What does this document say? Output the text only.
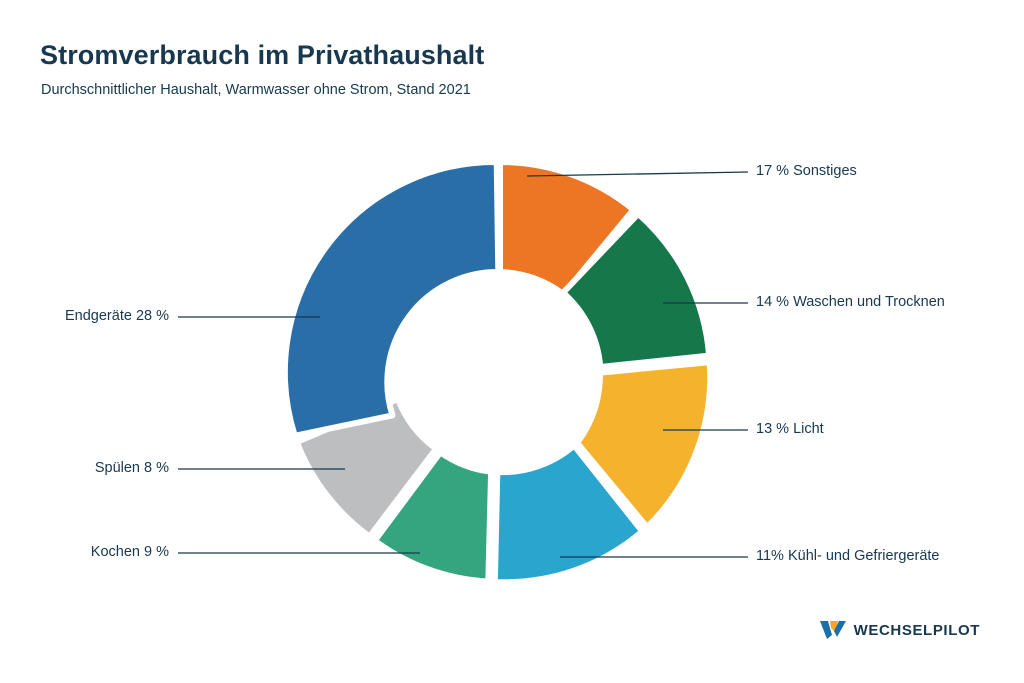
Stromverbrauch im Privathaushalt
Durchschnittlicher Haushalt, Warmwasser ohne Strom, Stand 2021
17 % Sonstiges
14 % Waschen und Trocknen
13 % Licht
11% Kühl- und Gefriergeräte
Kochen 9 %
Spülen 8 %
Endgeräte 28 %
WECHSELPILOT
